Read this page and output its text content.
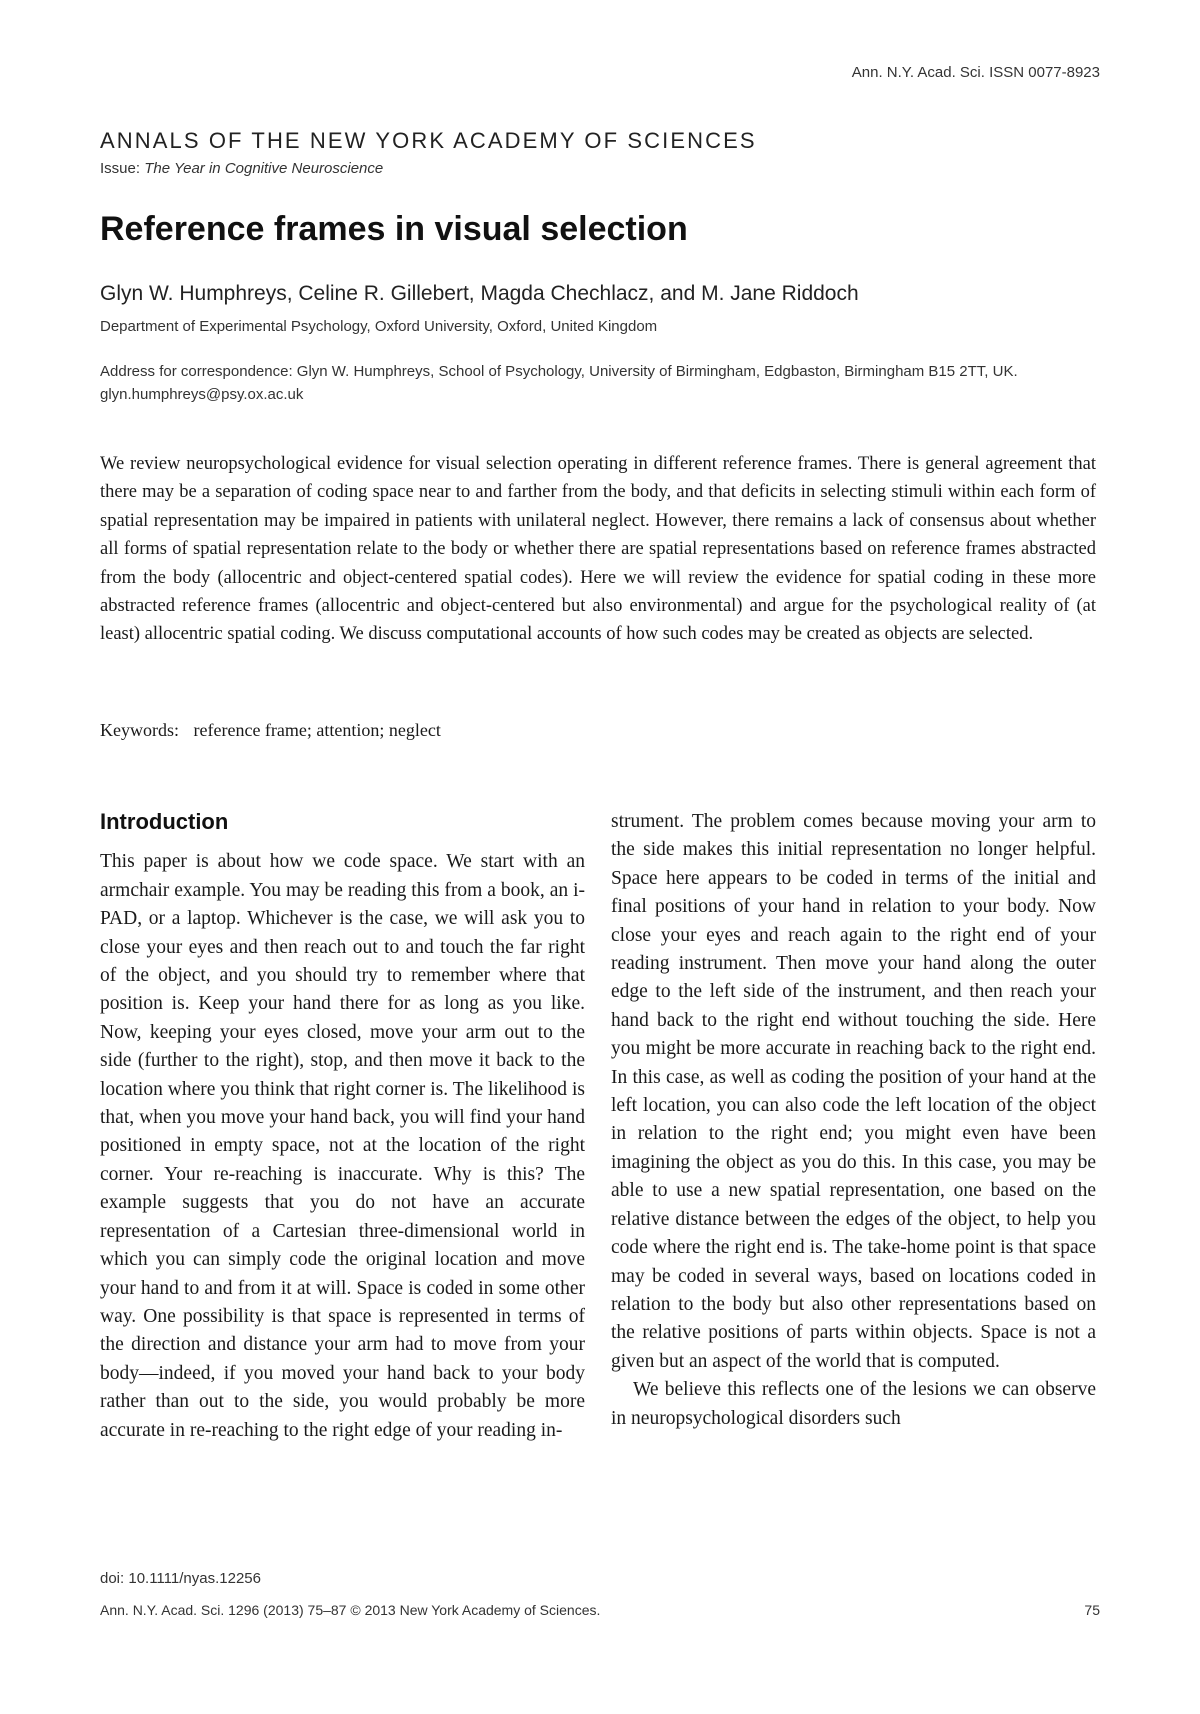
Ann. N.Y. Acad. Sci. ISSN 0077-8923
ANNALS OF THE NEW YORK ACADEMY OF SCIENCES
Issue: The Year in Cognitive Neuroscience
Reference frames in visual selection
Glyn W. Humphreys, Celine R. Gillebert, Magda Chechlacz, and M. Jane Riddoch
Department of Experimental Psychology, Oxford University, Oxford, United Kingdom
Address for correspondence: Glyn W. Humphreys, School of Psychology, University of Birmingham, Edgbaston, Birmingham B15 2TT, UK. glyn.humphreys@psy.ox.ac.uk

We review neuropsychological evidence for visual selection operating in different reference frames. There is general agreement that there may be a separation of coding space near to and farther from the body, and that deficits in selecting stimuli within each form of spatial representation may be impaired in patients with unilateral neglect. However, there remains a lack of consensus about whether all forms of spatial representation relate to the body or whether there are spatial representations based on reference frames abstracted from the body (allocentric and object-centered spatial codes). Here we will review the evidence for spatial coding in these more abstracted reference frames (allocentric and object-centered but also environmental) and argue for the psychological reality of (at least) allocentric spatial coding. We discuss computational accounts of how such codes may be created as objects are selected.

Keywords: reference frame; attention; neglect
Introduction

This paper is about how we code space. We start with an armchair example. You may be reading this from a book, an i-PAD, or a laptop. Whichever is the case, we will ask you to close your eyes and then reach out to and touch the far right of the object, and you should try to remember where that position is. Keep your hand there for as long as you like. Now, keeping your eyes closed, move your arm out to the side (further to the right), stop, and then move it back to the location where you think that right corner is. The likelihood is that, when you move your hand back, you will find your hand positioned in empty space, not at the location of the right corner. Your re-reaching is inaccurate. Why is this? The example suggests that you do not have an accurate representation of a Cartesian three-dimensional world in which you can simply code the original location and move your hand to and from it at will. Space is coded in some other way. One possibility is that space is represented in terms of the direction and distance your arm had to move from your body—indeed, if you moved your hand back to your body rather than out to the side, you would probably be more accurate in re-reaching to the right edge of your reading in-

strument. The problem comes because moving your arm to the side makes this initial representation no longer helpful. Space here appears to be coded in terms of the initial and final positions of your hand in relation to your body. Now close your eyes and reach again to the right end of your reading instrument. Then move your hand along the outer edge to the left side of the instrument, and then reach your hand back to the right end without touching the side. Here you might be more accurate in reaching back to the right end. In this case, as well as coding the position of your hand at the left location, you can also code the left location of the object in relation to the right end; you might even have been imagining the object as you do this. In this case, you may be able to use a new spatial representation, one based on the relative distance between the edges of the object, to help you code where the right end is. The take-home point is that space may be coded in several ways, based on locations coded in relation to the body but also other representations based on the relative positions of parts within objects. Space is not a given but an aspect of the world that is computed.

We believe this reflects one of the lesions we can observe in neuropsychological disorders such

doi: 10.1111/nyas.12256
Ann. N.Y. Acad. Sci. 1296 (2013) 75–87 © 2013 New York Academy of Sciences.	75
